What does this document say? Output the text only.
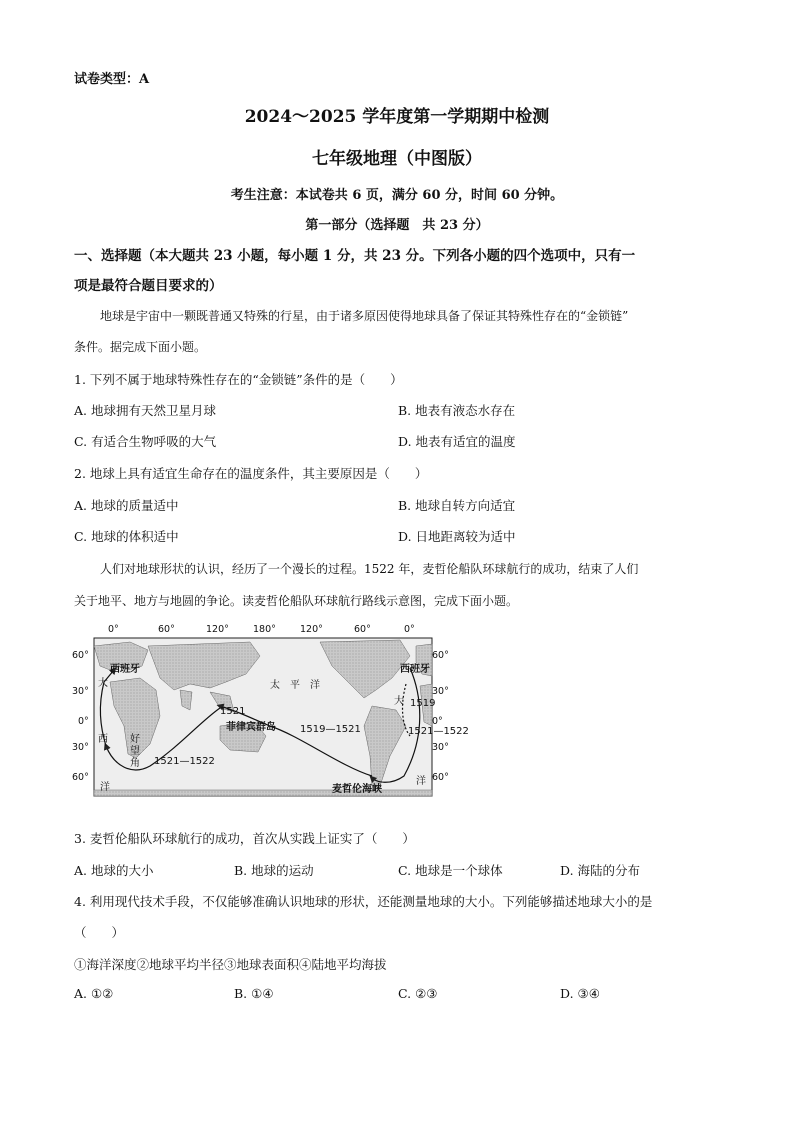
试卷类型：A
2024～2025 学年度第一学期期中检测
七年级地理（中图版）
考生注意：本试卷共 6 页，满分 60 分，时间 60 分钟。
第一部分（选择题　共 23 分）
一、选择题（本大题共 23 小题，每小题 1 分，共 23 分。下列各小题的四个选项中，只有一
项是最符合题目要求的）
地球是宇宙中一颗既普通又特殊的行星，由于诸多原因使得地球具备了保证其特殊性存在的“金锁链”
条件。据完成下面小题。
1. 下列不属于地球特殊性存在的“金锁链”条件的是（　　）
A. 地球拥有天然卫星月球	B. 地表有液态水存在
C. 有适合生物呼吸的大气	D. 地表有适宜的温度
2. 地球上具有适宜生命存在的温度条件，其主要原因是（　　）
A. 地球的质量适中	B. 地球自转方向适宜
C. 地球的体积适中	D. 日地距离较为适中
人们对地球形状的认识，经历了一个漫长的过程。1522 年，麦哲伦船队环球航行的成功，结束了人们
关于地平、地方与地圆的争论。读麦哲伦船队环球航行路线示意图，完成下面小题。
0°	60°	120°	180°	120°	60°	0°
60°
30°
0°
30°
60°
60°
30°
0°
30°
60°
西班牙	西班牙
大
大
西
洋
好
望
角
太　平　洋
1521
菲律宾群岛 1519—1521
1521—1522
1519
1521—1522
麦哲伦海峡
洋
3. 麦哲伦船队环球航行的成功，首次从实践上证实了（　　）
A. 地球的大小	B. 地球的运动	C. 地球是一个球体	D. 海陆的分布
4. 利用现代技术手段，不仅能够准确认识地球的形状，还能测量地球的大小。下列能够描述地球大小的是
（　　）
①海洋深度②地球平均半径③地球表面积④陆地平均海拔
A. ①②	B. ①④	C. ②③	D. ③④
